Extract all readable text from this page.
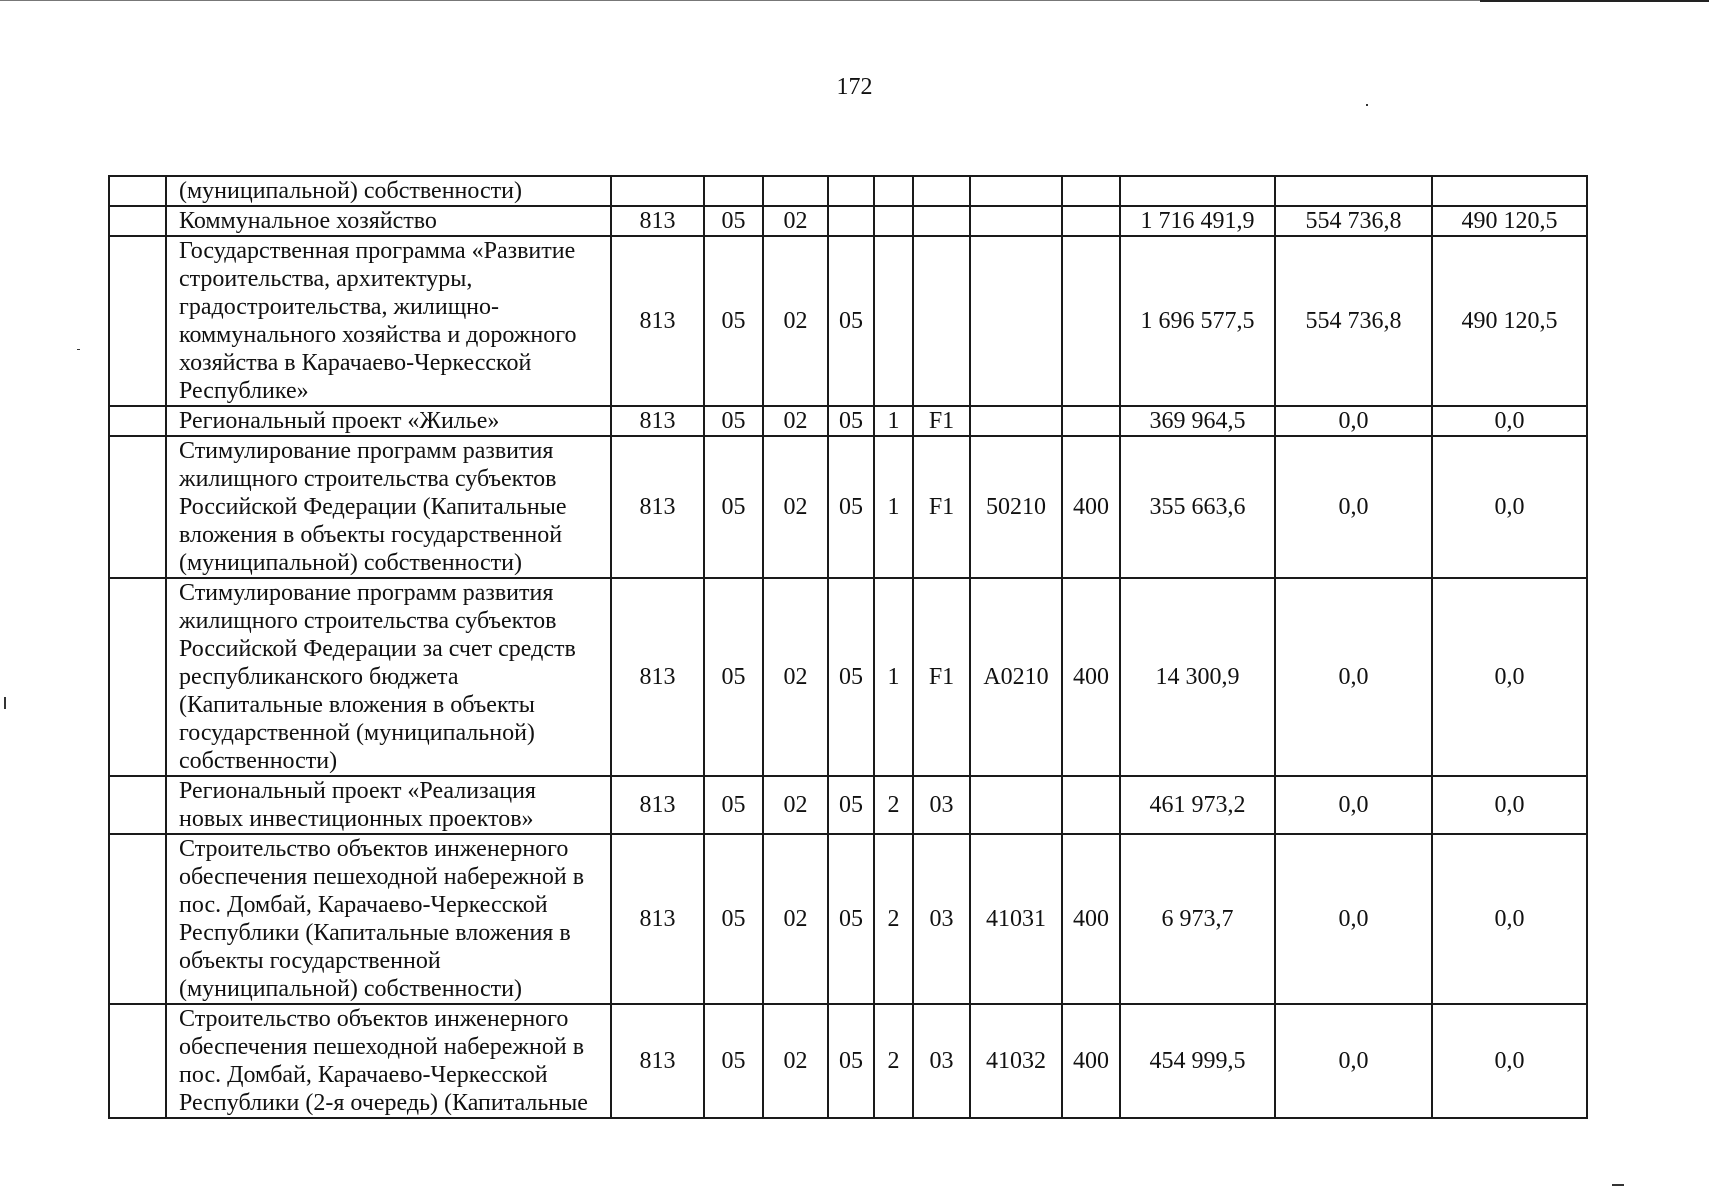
172
	(муниципальной) собственности)											
	Коммунальное хозяйство	813	05	02						1 716 491,9	554 736,8	490 120,5
	Государственная программа «Развитие строительства, архитектуры, градостроительства, жилищно-коммунального хозяйства и дорожного хозяйства в Карачаево-Черкесской Республике»	813	05	02	05					1 696 577,5	554 736,8	490 120,5
	Региональный проект «Жилье»	813	05	02	05	1	F1			369 964,5	0,0	0,0
	Стимулирование программ развития жилищного строительства субъектов Российской Федерации (Капитальные вложения в объекты государственной (муниципальной) собственности)	813	05	02	05	1	F1	50210	400	355 663,6	0,0	0,0
	Стимулирование программ развития жилищного строительства субъектов Российской Федерации за счет средств республиканского бюджета (Капитальные вложения в объекты государственной (муниципальной) собственности)	813	05	02	05	1	F1	А0210	400	14 300,9	0,0	0,0
	Региональный проект «Реализация новых инвестиционных проектов»	813	05	02	05	2	03			461 973,2	0,0	0,0
	Строительство объектов инженерного обеспечения пешеходной набережной в пос. Домбай, Карачаево-Черкесской Республики (Капитальные вложения в объекты государственной (муниципальной) собственности)	813	05	02	05	2	03	41031	400	6 973,7	0,0	0,0
	Строительство объектов инженерного обеспечения пешеходной набережной в пос. Домбай, Карачаево-Черкесской Республики (2-я очередь) (Капитальные	813	05	02	05	2	03	41032	400	454 999,5	0,0	0,0
